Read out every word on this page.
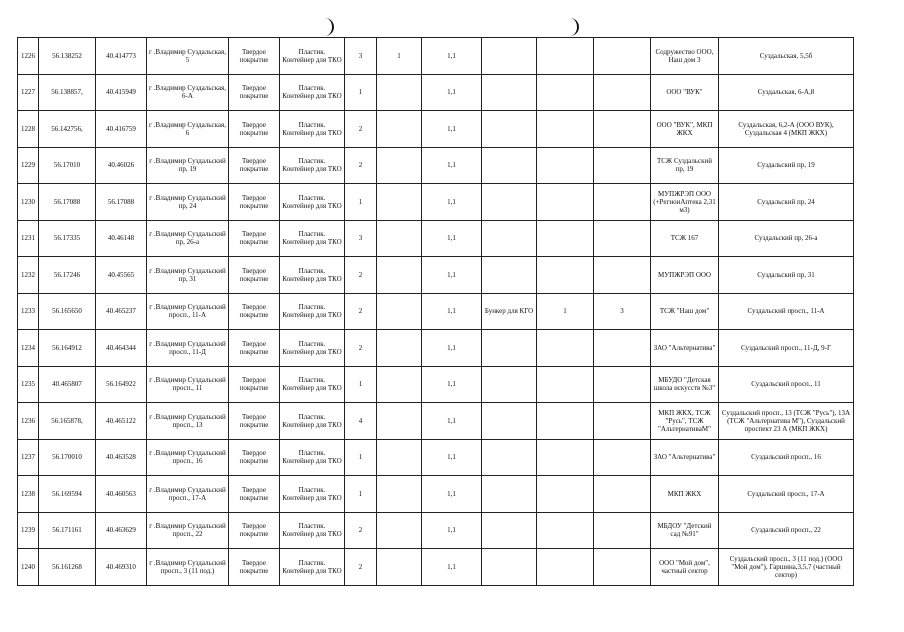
1226	56.138252	40.414773	г .Владимир Суздальская, 5	Твердое покрытие	Пластик. Контейнер для ТКО	3	1	1,1				Содружество ООО, Наш дом 3	Суздальская, 5,5б
1227	56.138857,	40.415949	г .Владимир Суздальская, 6-А	Твердое покрытие	Пластик. Контейнер для ТКО	1		1,1				ООО "ВУК"	Суздальская, 6-А,8
1228	56.142756,	40.416759	г .Владимир Суздальская, 6	Твердое покрытие	Пластик. Контейнер для ТКО	2		1,1				ООО "ВУК", МКП ЖКХ	Суздальская, 6,2-А (ООО ВУК), Суздальская 4 (МКП ЖКХ)
1229	56.17010	40.46026	г .Владимир Суздальский пр, 19	Твердое покрытие	Пластик. Контейнер для ТКО	2		1,1				ТСЖ Суздальский пр, 19	Суздальский пр, 19
1230	56.17088	56.17088	г .Владимир Суздальский пр, 24	Твердое покрытие	Пластик. Контейнер для ТКО	1		1,1				МУПЖРЭП ООО (+РегионАптека 2,31 м3)	Суздальский пр, 24
1231	56.17335	40.46148	г .Владимир Суздальский пр, 26-а	Твердое покрытие	Пластик. Контейнер для ТКО	3		1,1				ТСЖ 167	Суздальский пр, 26-а
1232	56.17246	40.45565	г .Владимир Суздальский пр, 31	Твердое покрытие	Пластик. Контейнер для ТКО	2		1,1				МУПЖРЭП ООО	Суздальский пр, 31
1233	56.165650	40.465237	г .Владимир Суздальский просп., 11-А	Твердое покрытие	Пластик. Контейнер для ТКО	2		1,1	Бункер для КГО	1	3	ТСЖ "Наш дом"	Суздальский просп., 11-А
1234	56.164912	40.464344	г .Владимир Суздальский просп., 11-Д	Твердое покрытие	Пластик. Контейнер для ТКО	2		1,1				ЗАО "Альтернатива"	Суздальский просп., 11-Д, 9-Г
1235	40.465807	56.164922	г .Владимир Суздальский просп., 11	Твердое покрытие	Пластик. Контейнер для ТКО	1		1,1				МБУДО "Детская школа искусств №3"	Суздальский просп., 11
1236	56.165878,	40.465122	г .Владимир Суздальский просп., 13	Твердое покрытие	Пластик. Контейнер для ТКО	4		1,1				МКП ЖКХ, ТСЖ "Русь", ТСЖ "АльтернативаМ"	Суздальский просп., 13 (ТСЖ "Русь"), 13А (ТСЖ "Альтернатива М"), Суздальский проспект 23 А (МКП ЖКХ)
1237	56.170010	40.463528	г .Владимир Суздальский просп., 16	Твердое покрытие	Пластик. Контейнер для ТКО	1		1,1				ЗАО "Альтернатива"	Суздальский просп., 16
1238	56.169594	40.460563	г .Владимир Суздальский просп., 17-А	Твердое покрытие	Пластик. Контейнер для ТКО	1		1,1				МКП ЖКХ	Суздальский просп., 17-А
1239	56.171161	40.463629	г .Владимир Суздальский просп., 22	Твердое покрытие	Пластик. Контейнер для ТКО	2		1,1				МБДОУ "Детский сад №91"	Суздальский просп., 22
1240	56.161268	40.469310	г .Владимир Суздальский просп., 3 (11 под.)	Твердое покрытие	Пластик. Контейнер для ТКО	2		1,1				ООО "Мой дом", частный сектор	Суздальский просп., 3 (11 под.) (ООО "Мой дом"), Гаршина,3,5,7 (частный сектор)
